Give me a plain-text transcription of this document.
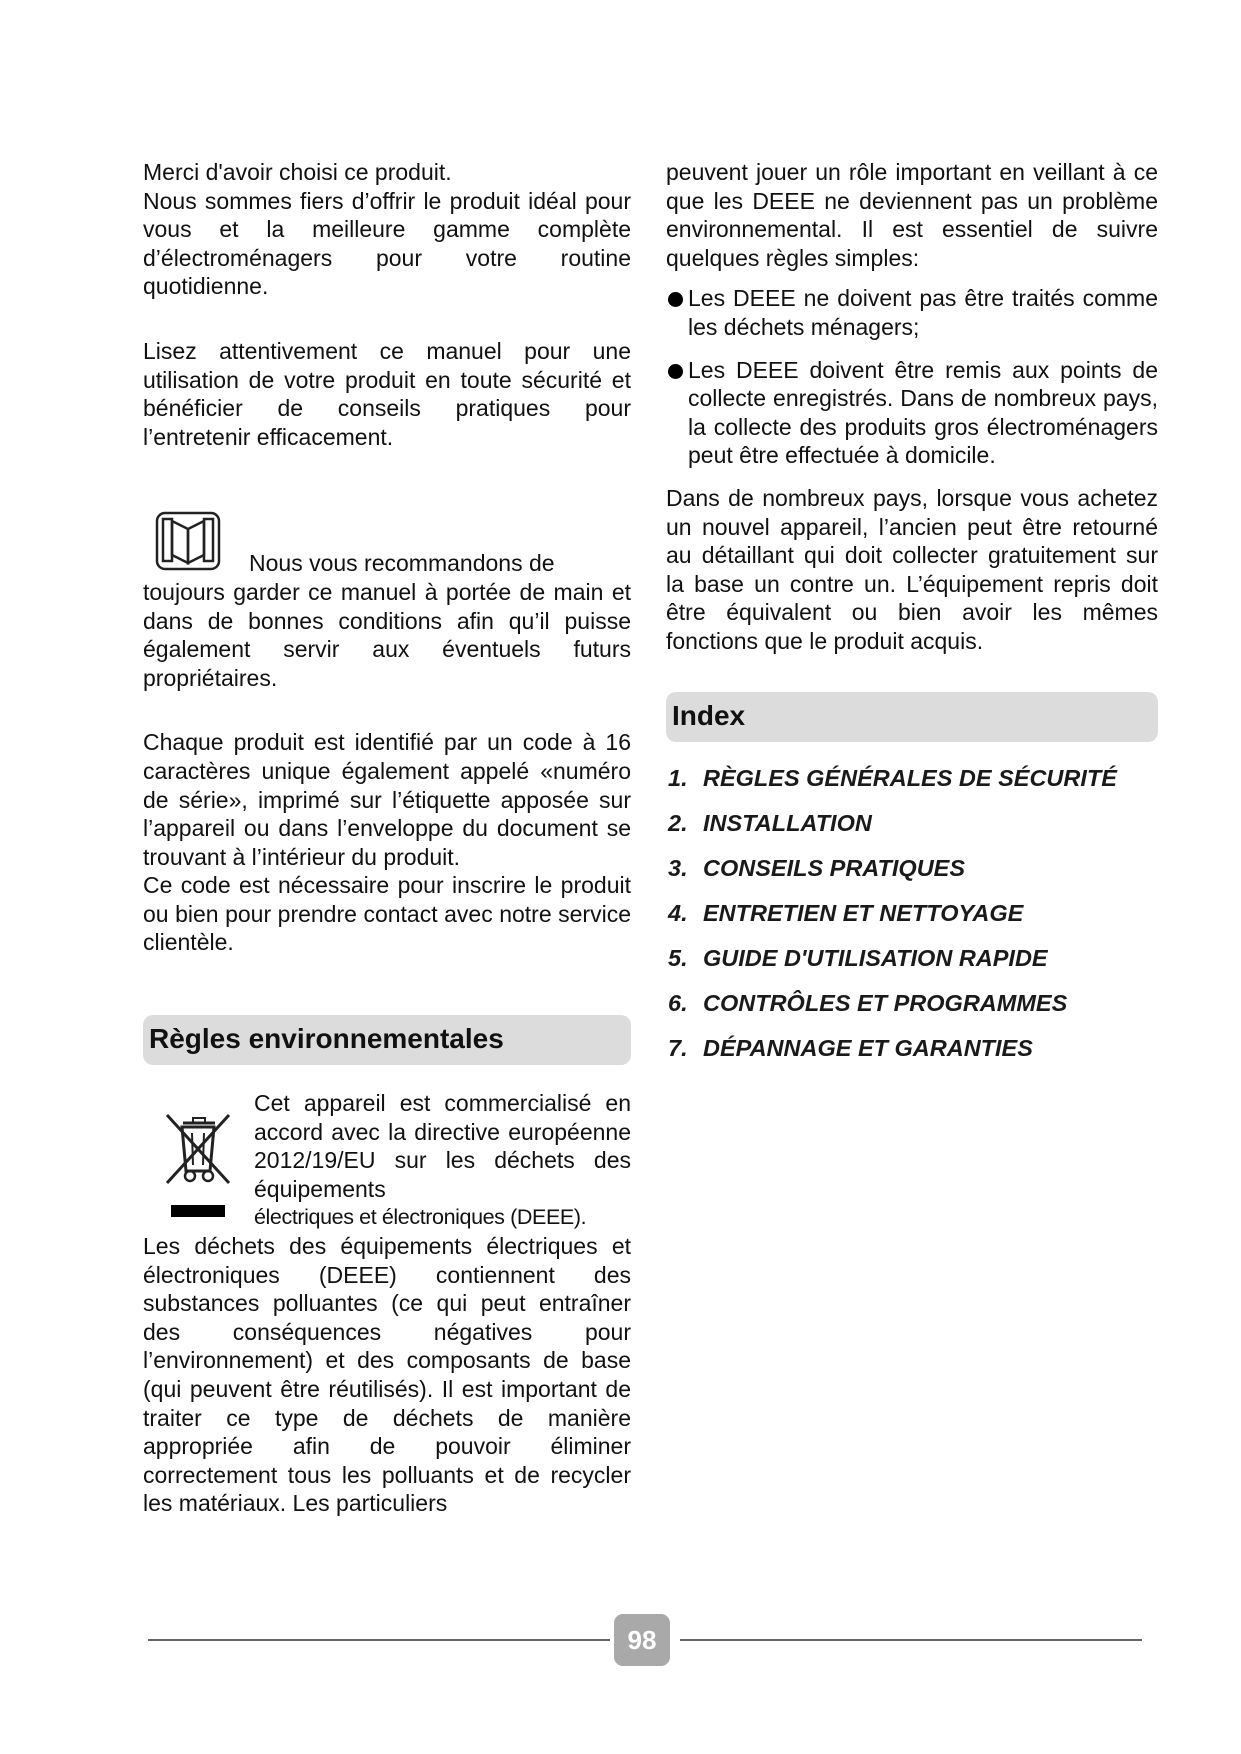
Merci d'avoir choisi ce produit.

Nous sommes fiers d’offrir le produit idéal pour vous et la meilleure gamme complète d’électroménagers pour votre routine quotidienne.

Lisez attentivement ce manuel pour une utilisation de votre produit en toute sécurité et bénéficier de conseils pratiques pour l’entretenir efficacement.

Nous vous recommandons de

toujours garder ce manuel à portée de main et dans de bonnes conditions afin qu’il puisse également servir aux éventuels futurs propriétaires.

Chaque produit est identifié par un code à 16 caractères unique également appelé «numéro de série», imprimé sur l’étiquette apposée sur l’appareil ou dans l’enveloppe du document se trouvant à l’intérieur du produit.

Ce code est nécessaire pour inscrire le produit ou bien pour prendre contact avec notre service clientèle.

Règles environnementales

Cet appareil est commercialisé en accord avec la directive européenne 2012/19/EU sur les déchets des équipements

électriques et électroniques (DEEE).

Les déchets des équipements électriques et électroniques (DEEE) contiennent des substances polluantes (ce qui peut entraîner des conséquences négatives pour l’environnement) et des composants de base (qui peuvent être réutilisés). Il est important de traiter ce type de déchets de manière appropriée afin de pouvoir éliminer correctement tous les polluants et de recycler les matériaux. Les particuliers

peuvent jouer un rôle important en veillant à ce que les DEEE ne deviennent pas un problème environnemental. Il est essentiel de suivre quelques règles simples:

Les DEEE ne doivent pas être traités comme les déchets ménagers;
Les DEEE doivent être remis aux points de collecte enregistrés. Dans de nombreux pays, la collecte des produits gros électroménagers peut être effectuée à domicile.

Dans de nombreux pays, lorsque vous achetez un nouvel appareil, l’ancien peut être retourné au détaillant qui doit collecter gratuitement sur la base un contre un. L’équipement repris doit être équivalent ou bien avoir les mêmes fonctions que le produit acquis.

Index
1. RÈGLES GÉNÉRALES DE SÉCURITÉ
2. INSTALLATION
3. CONSEILS PRATIQUES
4. ENTRETIEN ET NETTOYAGE
5. GUIDE D'UTILISATION RAPIDE
6. CONTRÔLES ET PROGRAMMES
7. DÉPANNAGE ET GARANTIES
98
